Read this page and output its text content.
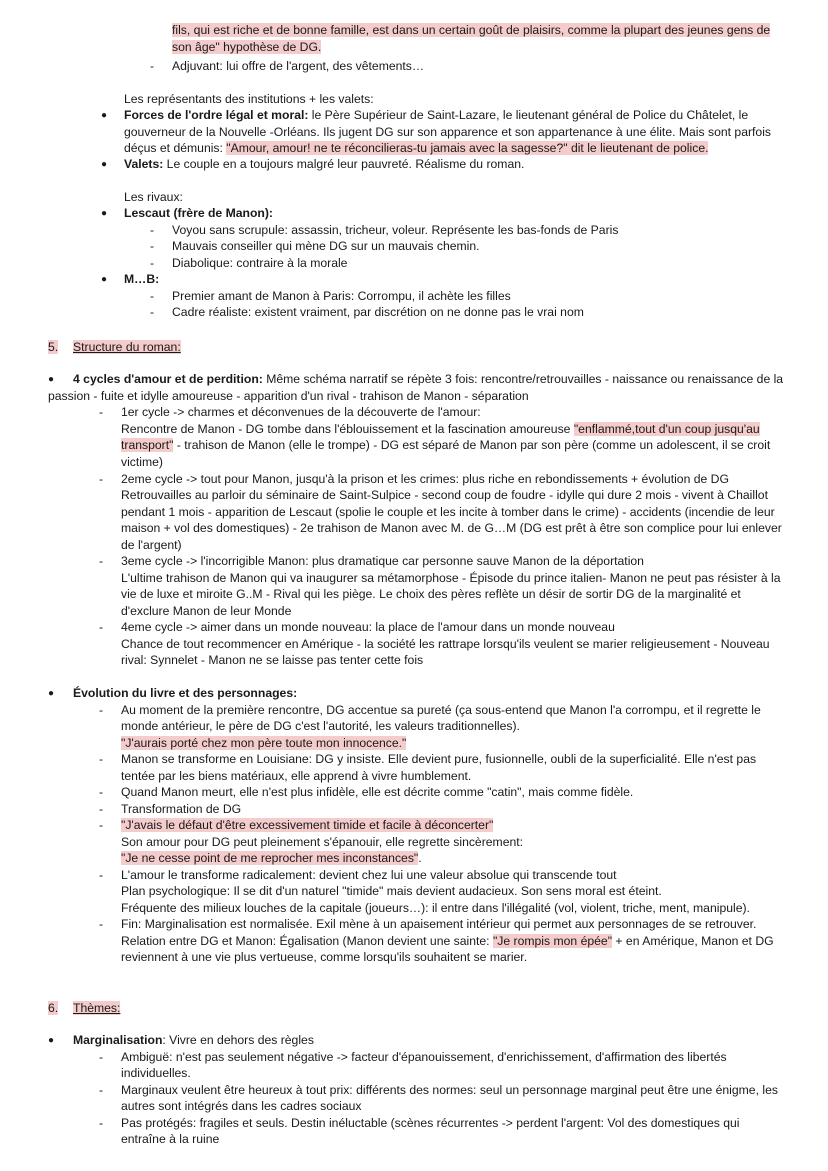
fils, qui est riche et de bonne famille, est dans un certain goût de plaisirs, comme la plupart des jeunes gens de
son âge" hypothèse de DG.
- Adjuvant: lui offre de l'argent, des vêtements…
Les représentants des institutions + les valets:
● Forces de l'ordre légal et moral: le Père Supérieur de Saint-Lazare, le lieutenant général de Police du Châtelet, le
gouverneur de la Nouvelle -Orléans. Ils jugent DG sur son apparence et son appartenance à une élite. Mais sont parfois
déçus et démunis: "Amour, amour! ne te réconcilieras-tu jamais avec la sagesse?" dit le lieutenant de police.
● Valets: Le couple en a toujours malgré leur pauvreté. Réalisme du roman.
Les rivaux:
● Lescaut (frère de Manon):
- Voyou sans scrupule: assassin, tricheur, voleur. Représente les bas-fonds de Paris
- Mauvais conseiller qui mène DG sur un mauvais chemin.
- Diabolique: contraire à la morale
● M…B:
- Premier amant de Manon à Paris: Corrompu, il achète les filles
- Cadre réaliste: existent vraiment, par discrétion on ne donne pas le vrai nom
5. Structure du roman:
● 4 cycles d'amour et de perdition: Même schéma narratif se répète 3 fois: rencontre/retrouvailles - naissance ou renaissance de la
passion - fuite et idylle amoureuse - apparition d'un rival - trahison de Manon - séparation
- 1er cycle -> charmes et déconvenues de la découverte de l'amour:
Rencontre de Manon - DG tombe dans l'éblouissement et la fascination amoureuse "enflammé,tout d'un coup jusqu'au
transport" - trahison de Manon (elle le trompe) - DG est séparé de Manon par son père (comme un adolescent, il se croit
victime)
- 2eme cycle -> tout pour Manon, jusqu'à la prison et les crimes: plus riche en rebondissements + évolution de DG
Retrouvailles au parloir du séminaire de Saint-Sulpice - second coup de foudre - idylle qui dure 2 mois - vivent à Chaillot
pendant 1 mois - apparition de Lescaut (spolie le couple et les incite à tomber dans le crime) - accidents (incendie de leur
maison + vol des domestiques) - 2e trahison de Manon avec M. de G…M (DG est prêt à être son complice pour lui enlever
de l'argent)
- 3eme cycle -> l'incorrigible Manon: plus dramatique car personne sauve Manon de la déportation
L'ultime trahison de Manon qui va inaugurer sa métamorphose - Épisode du prince italien- Manon ne peut pas résister à la
vie de luxe et miroite G..M - Rival qui les piège. Le choix des pères reflète un désir de sortir DG de la marginalité et
d'exclure Manon de leur Monde
- 4eme cycle -> aimer dans un monde nouveau: la place de l'amour dans un monde nouveau
Chance de tout recommencer en Amérique - la société les rattrape lorsqu'ils veulent se marier religieusement - Nouveau
rival: Synnelet - Manon ne se laisse pas tenter cette fois
● Évolution du livre et des personnages:
- Au moment de la première rencontre, DG accentue sa pureté (ça sous-entend que Manon l'a corrompu, et il regrette le
monde antérieur, le père de DG c'est l'autorité, les valeurs traditionnelles).
"J'aurais porté chez mon père toute mon innocence."
- Manon se transforme en Louisiane: DG y insiste. Elle devient pure, fusionnelle, oubli de la superficialité. Elle n'est pas
tentée par les biens matériaux, elle apprend à vivre humblement.
- Quand Manon meurt, elle n'est plus infidèle, elle est décrite comme "catin", mais comme fidèle.
- Transformation de DG
- "J'avais le défaut d'être excessivement timide et facile à déconcerter"
Son amour pour DG peut pleinement s'épanouir, elle regrette sincèrement:
"Je ne cesse point de me reprocher mes inconstances".
- L'amour le transforme radicalement: devient chez lui une valeur absolue qui transcende tout
Plan psychologique: Il se dit d'un naturel "timide" mais devient audacieux. Son sens moral est éteint.
Fréquente des milieux louches de la capitale (joueurs…): il entre dans l'illégalité (vol, violent, triche, ment, manipule).
- Fin: Marginalisation est normalisée. Exil mène à un apaisement intérieur qui permet aux personnages de se retrouver.
Relation entre DG et Manon: Égalisation (Manon devient une sainte: "Je rompis mon épée" + en Amérique, Manon et DG
reviennent à une vie plus vertueuse, comme lorsqu'ils souhaitent se marier.
6. Thèmes:
● Marginalisation: Vivre en dehors des règles
- Ambiguë: n'est pas seulement négative -> facteur d'épanouissement, d'enrichissement, d'affirmation des libertés
individuelles.
- Marginaux veulent être heureux à tout prix: différents des normes: seul un personnage marginal peut être une énigme, les
autres sont intégrés dans les cadres sociaux
- Pas protégés: fragiles et seuls. Destin inéluctable (scènes récurrentes -> perdent l'argent: Vol des domestiques qui
entraîne à la ruine
